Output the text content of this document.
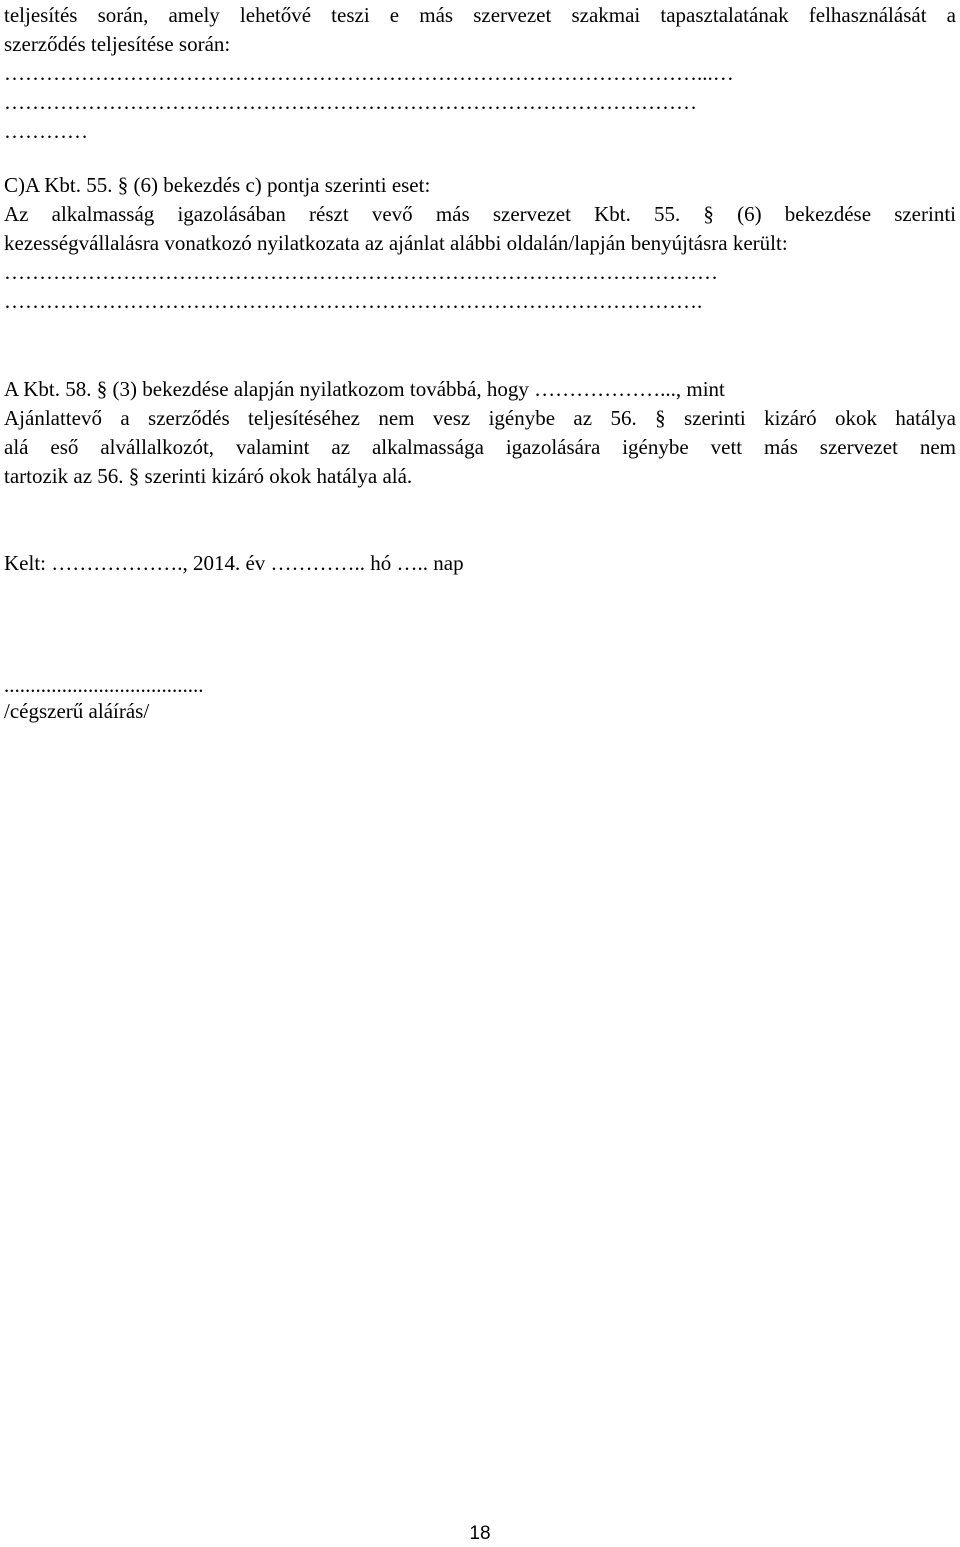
teljesítés során, amely lehetővé teszi e más szervezet szakmai tapasztalatának felhasználását a
szerződés teljesítése során:
………………………………………………………………………………………...…
………………………………………………………………………………………
…………
C)A Kbt. 55. § (6) bekezdés c) pontja szerinti eset:
Az alkalmasság igazolásában részt vevő más szervezet Kbt. 55. § (6) bekezdése szerinti
kezességvállalásra vonatkozó nyilatkozata az ajánlat alábbi oldalán/lapján benyújtásra került:
…………………………………………………………………………………………
……………………………………………………………………………………….
A Kbt. 58. § (3) bekezdése alapján nyilatkozom továbbá, hogy ………………..., mint
Ajánlattevő a szerződés teljesítéséhez nem vesz igénybe az 56. § szerinti kizáró okok hatálya
alá eső alvállalkozót, valamint az alkalmassága igazolására igénybe vett más szervezet nem
tartozik az 56. § szerinti kizáró okok hatálya alá.
Kelt: ………………., 2014. év ………….. hó ….. nap
......................................
/cégszerű aláírás/
18
